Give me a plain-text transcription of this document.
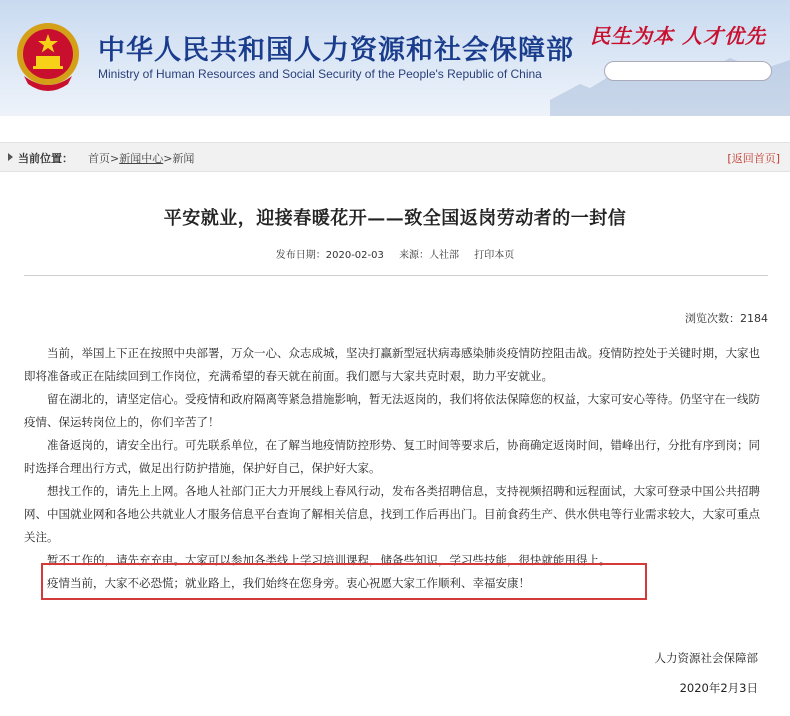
中华人民共和国人力资源和社会保障部
Ministry of Human Resources and Social Security of the People's Republic of China
民生为本 人才优先
当前位置： 首页>新闻中心>新闻	[返回首页]
平安就业，迎接春暖花开——致全国返岗劳动者的一封信
发布日期：2020-02-03 来源：人社部 打印本页
浏览次数：2184

当前，举国上下正在按照中央部署，万众一心、众志成城，坚决打赢新型冠状病毒感染肺炎疫情防控阻击战。疫情防控处于关键时期，大家也即将准备或正在陆续回到工作岗位，充满希望的春天就在前面。我们愿与大家共克时艰，助力平安就业。

留在湖北的，请坚定信心。受疫情和政府隔离等紧急措施影响，暂无法返岗的，我们将依法保障您的权益，大家可安心等待。仍坚守在一线防疫情、保运转岗位上的，你们辛苦了！

准备返岗的，请安全出行。可先联系单位，在了解当地疫情防控形势、复工时间等要求后，协商确定返岗时间，错峰出行，分批有序到岗；同时选择合理出行方式，做足出行防护措施，保护好自己，保护好大家。

想找工作的，请先上上网。各地人社部门正大力开展线上春风行动，发布各类招聘信息，支持视频招聘和远程面试，大家可登录中国公共招聘网、中国就业网和各地公共就业人才服务信息平台查询了解相关信息，找到工作后再出门。目前食药生产、供水供电等行业需求较大，大家可重点关注。

暂不工作的，请先充充电。大家可以参加各类线上学习培训课程，储备些知识，学习些技能，很快就能用得上。

疫情当前，大家不必恐慌；就业路上，我们始终在您身旁。衷心祝愿大家工作顺利、幸福安康！

人力资源社会保障部
2020年2月3日
